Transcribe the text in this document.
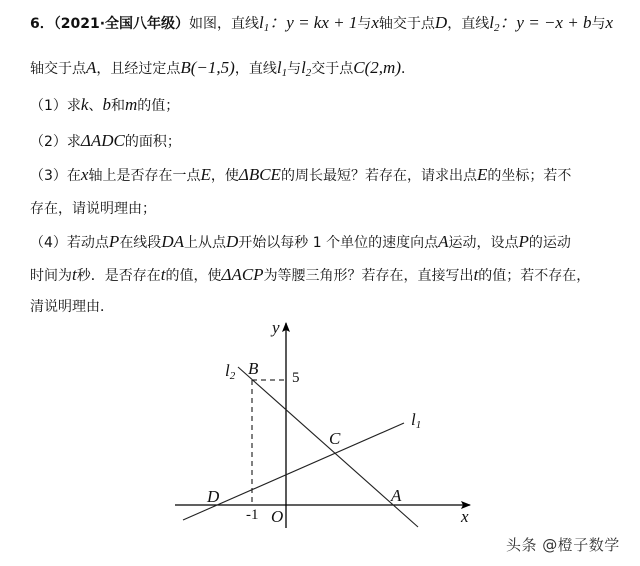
6．（2021·全国八年级）如图，直线$l_1$：y = kx + 1与x轴交于点D，直线$l_2$：y = −x + b与x
轴交于点A，且经过定点B(−1,5)，直线$l_1$与$l_2$交于点C(2,m)．
（1）求k、b和m的值；
（2）求ΔADC的面积；
（3）在x轴上是否存在一点E，使ΔBCE的周长最短？若存在，请求出点E的坐标；若不
存在，请说明理由；
（4）若动点P在线段DA上从点D开始以每秒 1 个单位的速度向点A运动，设点P的运动
时间为t秒．是否存在t的值，使ΔACP为等腰三角形？若存在，直接写出t的值；若不存在，
清说明理由．
y
x
O
-1
5
B
$l_2$
$l_1$
C
D	A
头条 @橙子数学
